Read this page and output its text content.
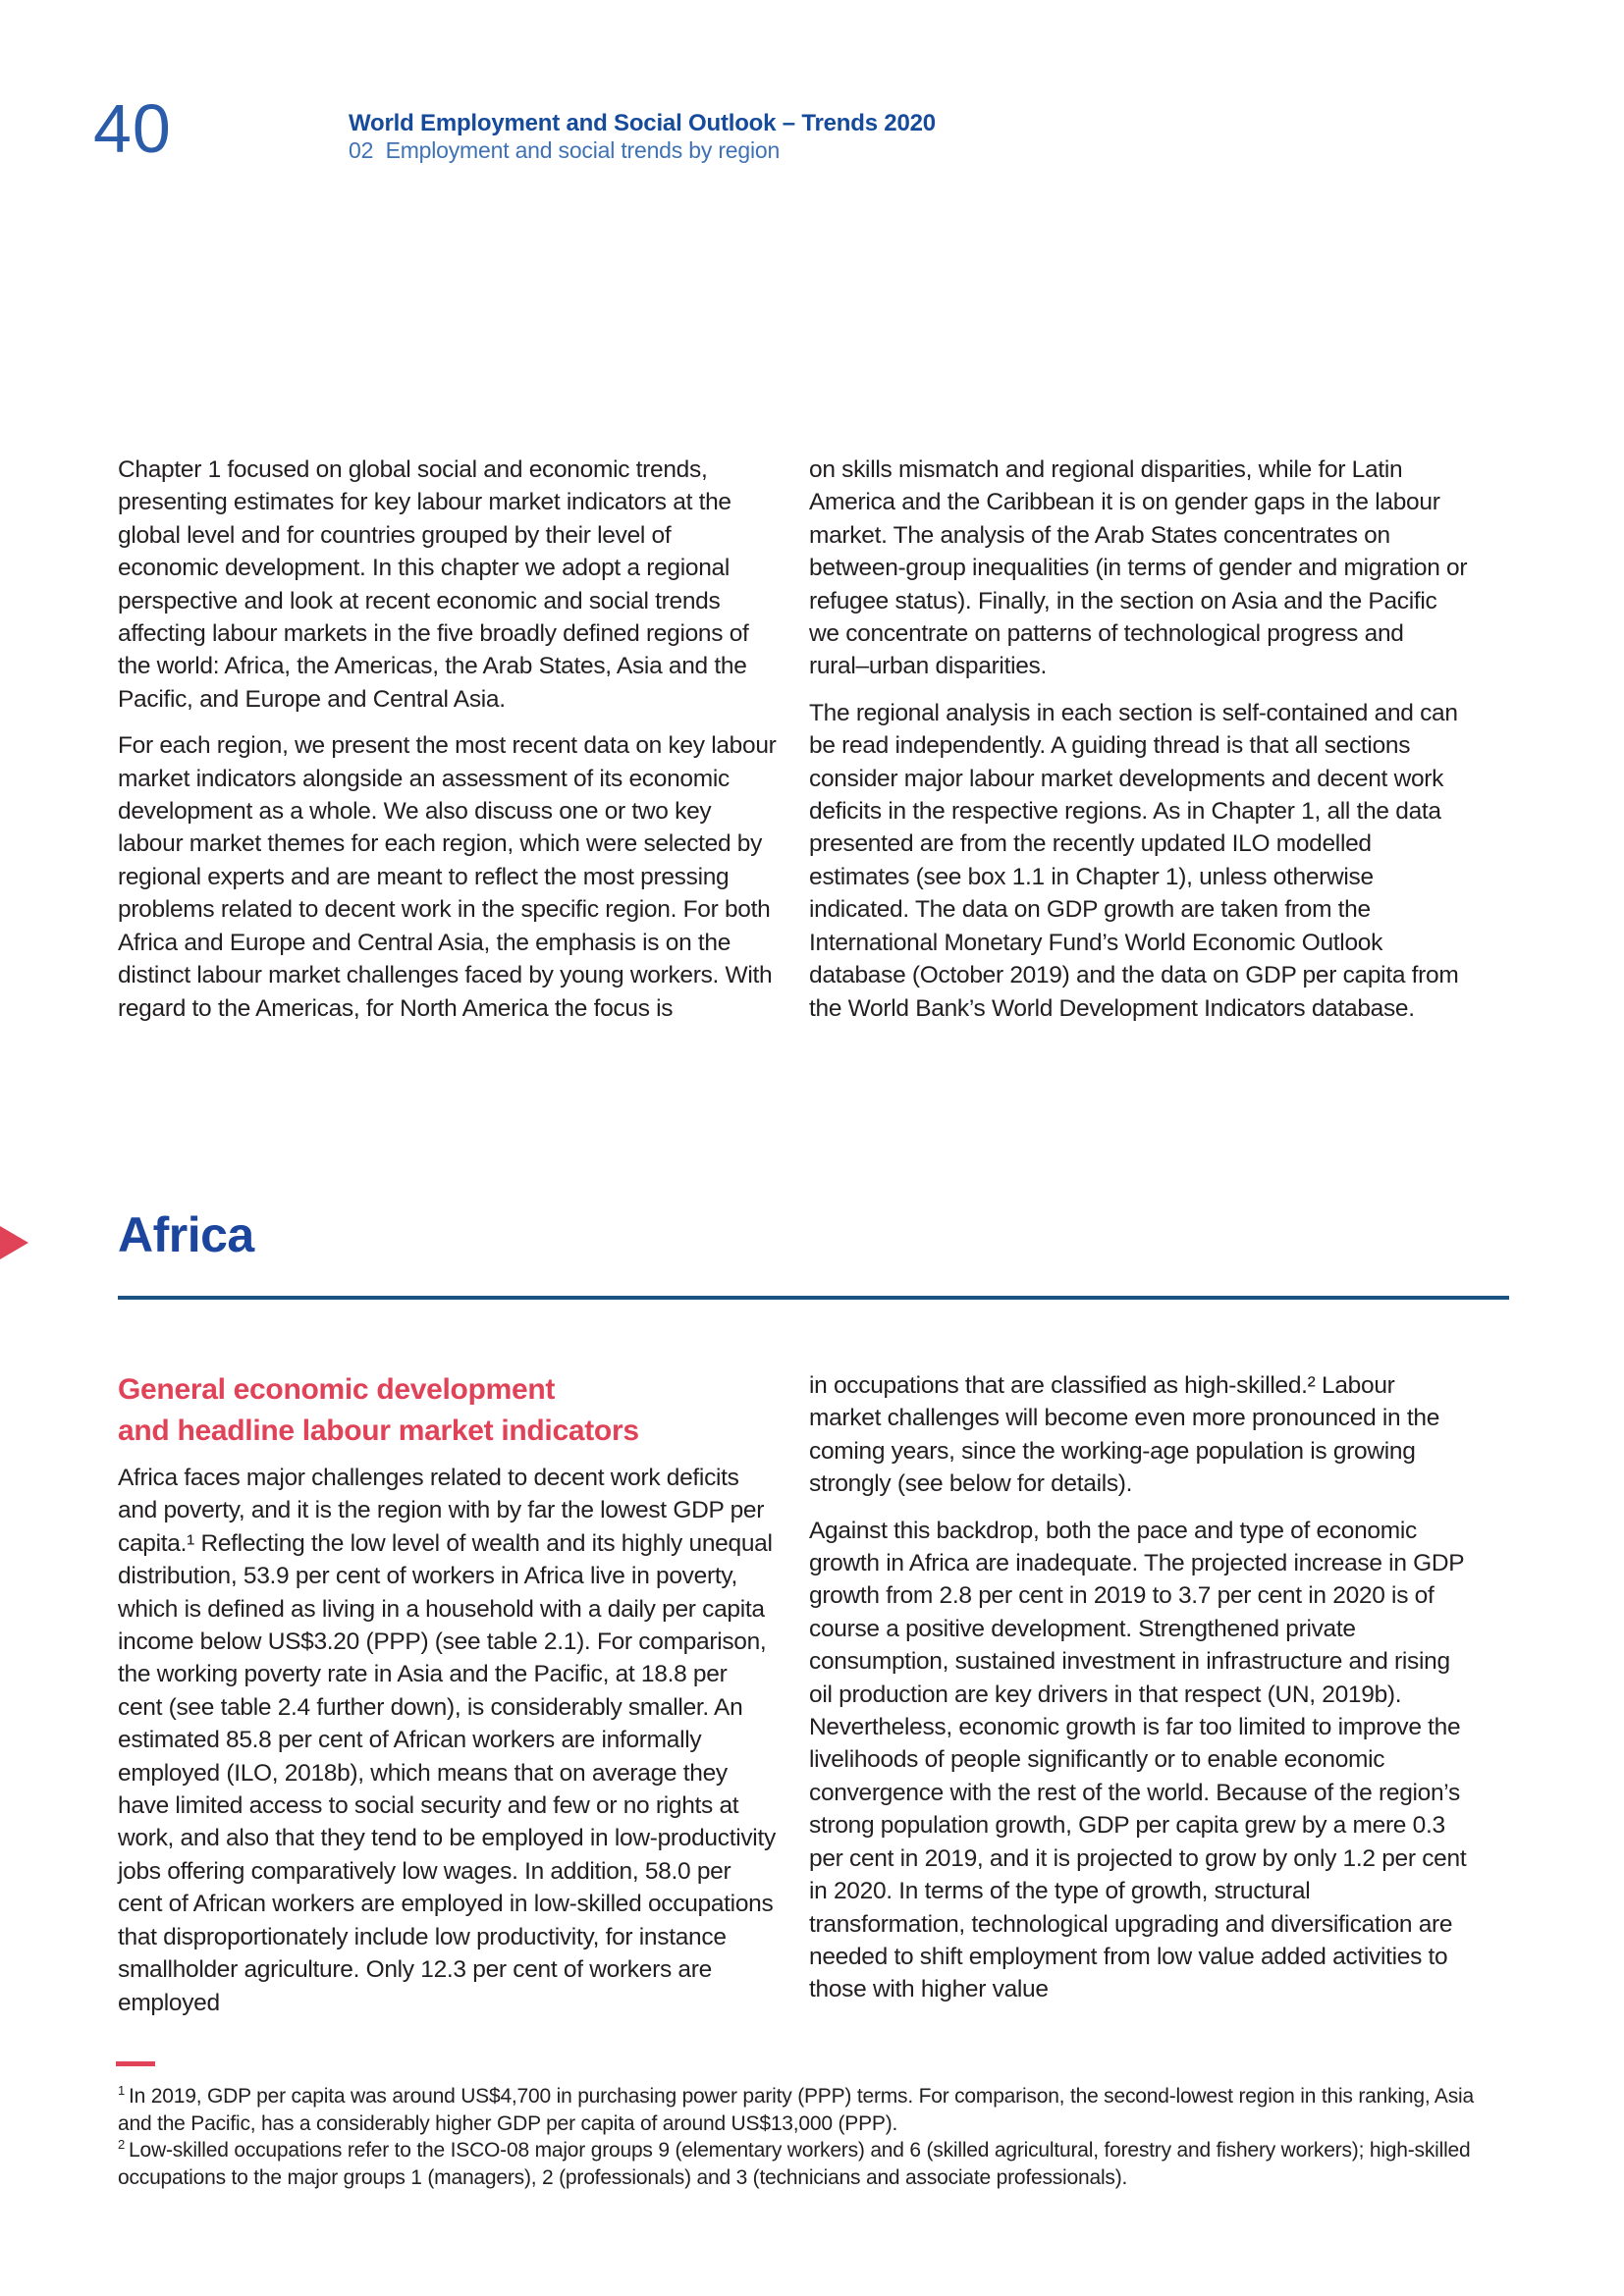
40	World Employment and Social Outlook – Trends 2020
02  Employment and social trends by region

Chapter 1 focused on global social and economic trends, presenting estimates for key labour market indicators at the global level and for countries grouped by their level of economic development. In this chapter we adopt a regional perspective and look at recent economic and social trends affecting labour markets in the five broadly defined regions of the world: Africa, the Americas, the Arab States, Asia and the Pacific, and Europe and Central Asia.

For each region, we present the most recent data on key labour market indicators alongside an assessment of its economic development as a whole. We also discuss one or two key labour market themes for each region, which were selected by regional experts and are meant to reflect the most pressing problems related to decent work in the specific region. For both Africa and Europe and Central Asia, the emphasis is on the distinct labour market challenges faced by young workers. With regard to the Americas, for North America the focus is

on skills mismatch and regional disparities, while for Latin America and the Caribbean it is on gender gaps in the labour market. The analysis of the Arab States concentrates on between-group inequalities (in terms of gender and migration or refugee status). Finally, in the section on Asia and the Pacific we concentrate on patterns of technological progress and rural–urban disparities.

The regional analysis in each section is self-contained and can be read independently. A guiding thread is that all sections consider major labour market developments and decent work deficits in the respective regions. As in Chapter 1, all the data presented are from the recently updated ILO modelled estimates (see box 1.1 in Chapter 1), unless otherwise indicated. The data on GDP growth are taken from the International Monetary Fund’s World Economic Outlook database (October 2019) and the data on GDP per capita from the World Bank’s World Development Indicators database.

Africa
General economic development
and headline labour market indicators

Africa faces major challenges related to decent work deficits and poverty, and it is the region with by far the lowest GDP per capita.¹ Reflecting the low level of wealth and its highly unequal distribution, 53.9 per cent of workers in Africa live in poverty, which is defined as living in a household with a daily per capita income below US$3.20 (PPP) (see table 2.1). For comparison, the working poverty rate in Asia and the Pacific, at 18.8 per cent (see table 2.4 further down), is considerably smaller. An estimated 85.8 per cent of African workers are informally employed (ILO, 2018b), which means that on average they have limited access to social security and few or no rights at work, and also that they tend to be employed in low-productivity jobs offering comparatively low wages. In addition, 58.0 per cent of African workers are employed in low-skilled occupations that disproportionately include low productivity, for instance smallholder agriculture. Only 12.3 per cent of workers are employed

in occupations that are classified as high-skilled.² Labour market challenges will become even more pronounced in the coming years, since the working-age population is growing strongly (see below for details).

Against this backdrop, both the pace and type of economic growth in Africa are inadequate. The projected increase in GDP growth from 2.8 per cent in 2019 to 3.7 per cent in 2020 is of course a positive development. Strengthened private consumption, sustained investment in infrastructure and rising oil production are key drivers in that respect (UN, 2019b). Nevertheless, economic growth is far too limited to improve the livelihoods of people significantly or to enable economic convergence with the rest of the world. Because of the region’s strong population growth, GDP per capita grew by a mere 0.3 per cent in 2019, and it is projected to grow by only 1.2 per cent in 2020. In terms of the type of growth, structural transformation, technological upgrading and diversification are needed to shift employment from low value added activities to those with higher value

$^1$ In 2019, GDP per capita was around US$4,700 in purchasing power parity (PPP) terms. For comparison, the second-lowest region in this ranking, Asia and the Pacific, has a considerably higher GDP per capita of around US$13,000 (PPP).

$^2$ Low-skilled occupations refer to the ISCO-08 major groups 9 (elementary workers) and 6 (skilled agricultural, forestry and fishery workers); high-skilled occupations to the major groups 1 (managers), 2 (professionals) and 3 (technicians and associate professionals).
